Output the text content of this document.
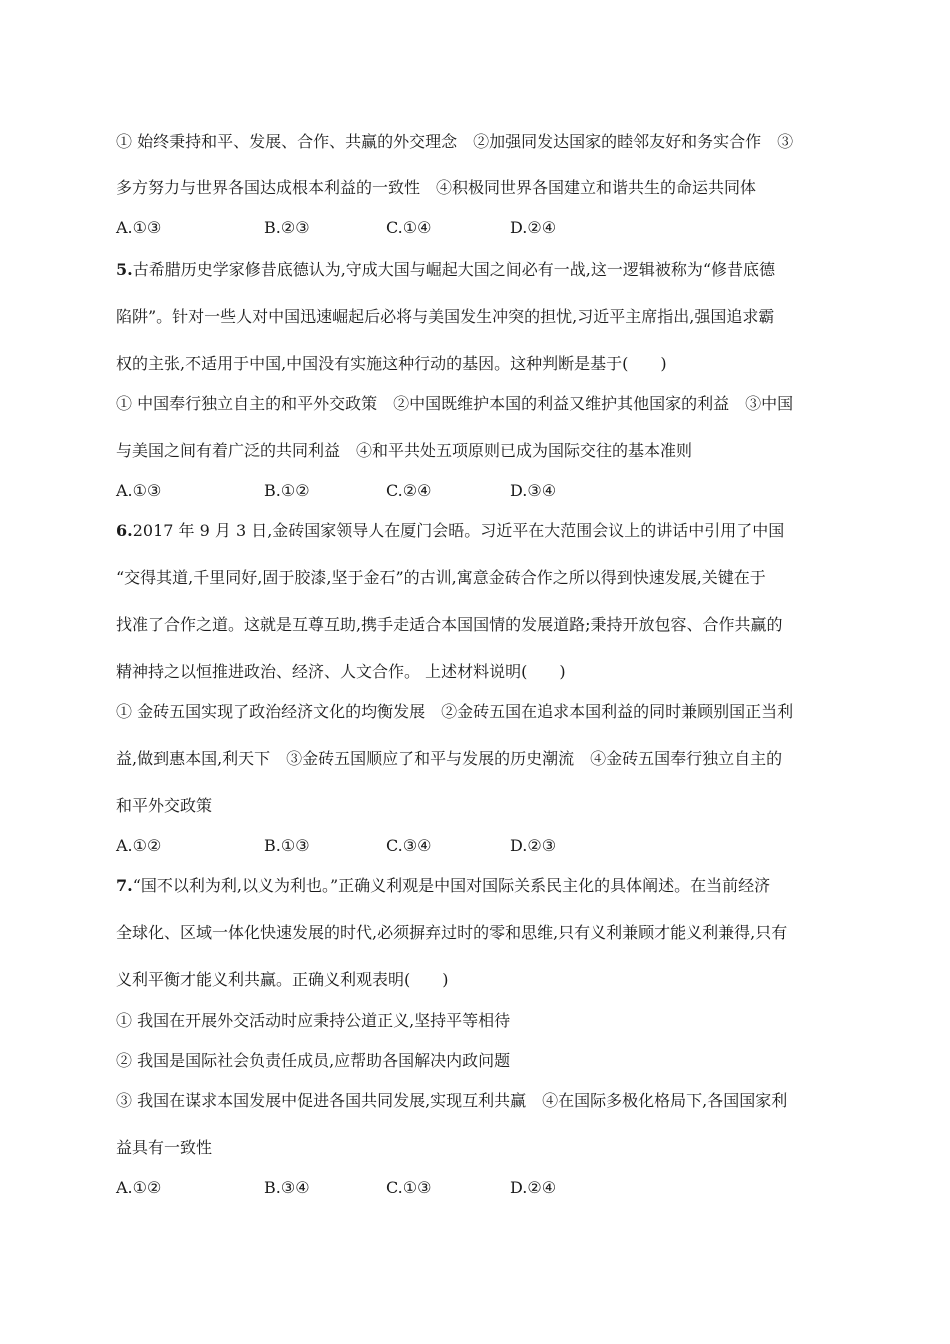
① 始终秉持和平、发展、合作、共赢的外交理念　②加强同发达国家的睦邻友好和务实合作　③
多方努力与世界各国达成根本利益的一致性　④积极同世界各国建立和谐共生的命运共同体
A.①③	B.②③	C.①④	D.②④
5.古希腊历史学家修昔底德认为,守成大国与崛起大国之间必有一战,这一逻辑被称为“修昔底德
陷阱”。针对一些人对中国迅速崛起后必将与美国发生冲突的担忧,习近平主席指出,强国追求霸
权的主张,不适用于中国,中国没有实施这种行动的基因。这种判断是基于(　　)
① 中国奉行独立自主的和平外交政策　②中国既维护本国的利益又维护其他国家的利益　③中国
与美国之间有着广泛的共同利益　④和平共处五项原则已成为国际交往的基本准则
A.①③	B.①②	C.②④	D.③④
6.2017 年 9 月 3 日,金砖国家领导人在厦门会晤。习近平在大范围会议上的讲话中引用了中国
“交得其道,千里同好,固于胶漆,坚于金石”的古训,寓意金砖合作之所以得到快速发展,关键在于
找准了合作之道。这就是互尊互助,携手走适合本国国情的发展道路;秉持开放包容、合作共赢的
精神持之以恒推进政治、经济、人文合作。 上述材料说明(　　)
① 金砖五国实现了政治经济文化的均衡发展　②金砖五国在追求本国利益的同时兼顾别国正当利
益,做到惠本国,利天下　③金砖五国顺应了和平与发展的历史潮流　④金砖五国奉行独立自主的
和平外交政策
A.①②	B.①③	C.③④	D.②③
7.“国不以利为利,以义为利也。”正确义利观是中国对国际关系民主化的具体阐述。在当前经济
全球化、区域一体化快速发展的时代,必须摒弃过时的零和思维,只有义利兼顾才能义利兼得,只有
义利平衡才能义利共赢。正确义利观表明(　　)
① 我国在开展外交活动时应秉持公道正义,坚持平等相待
② 我国是国际社会负责任成员,应帮助各国解决内政问题
③ 我国在谋求本国发展中促进各国共同发展,实现互利共赢　④在国际多极化格局下,各国国家利
益具有一致性
A.①②	B.③④	C.①③	D.②④
